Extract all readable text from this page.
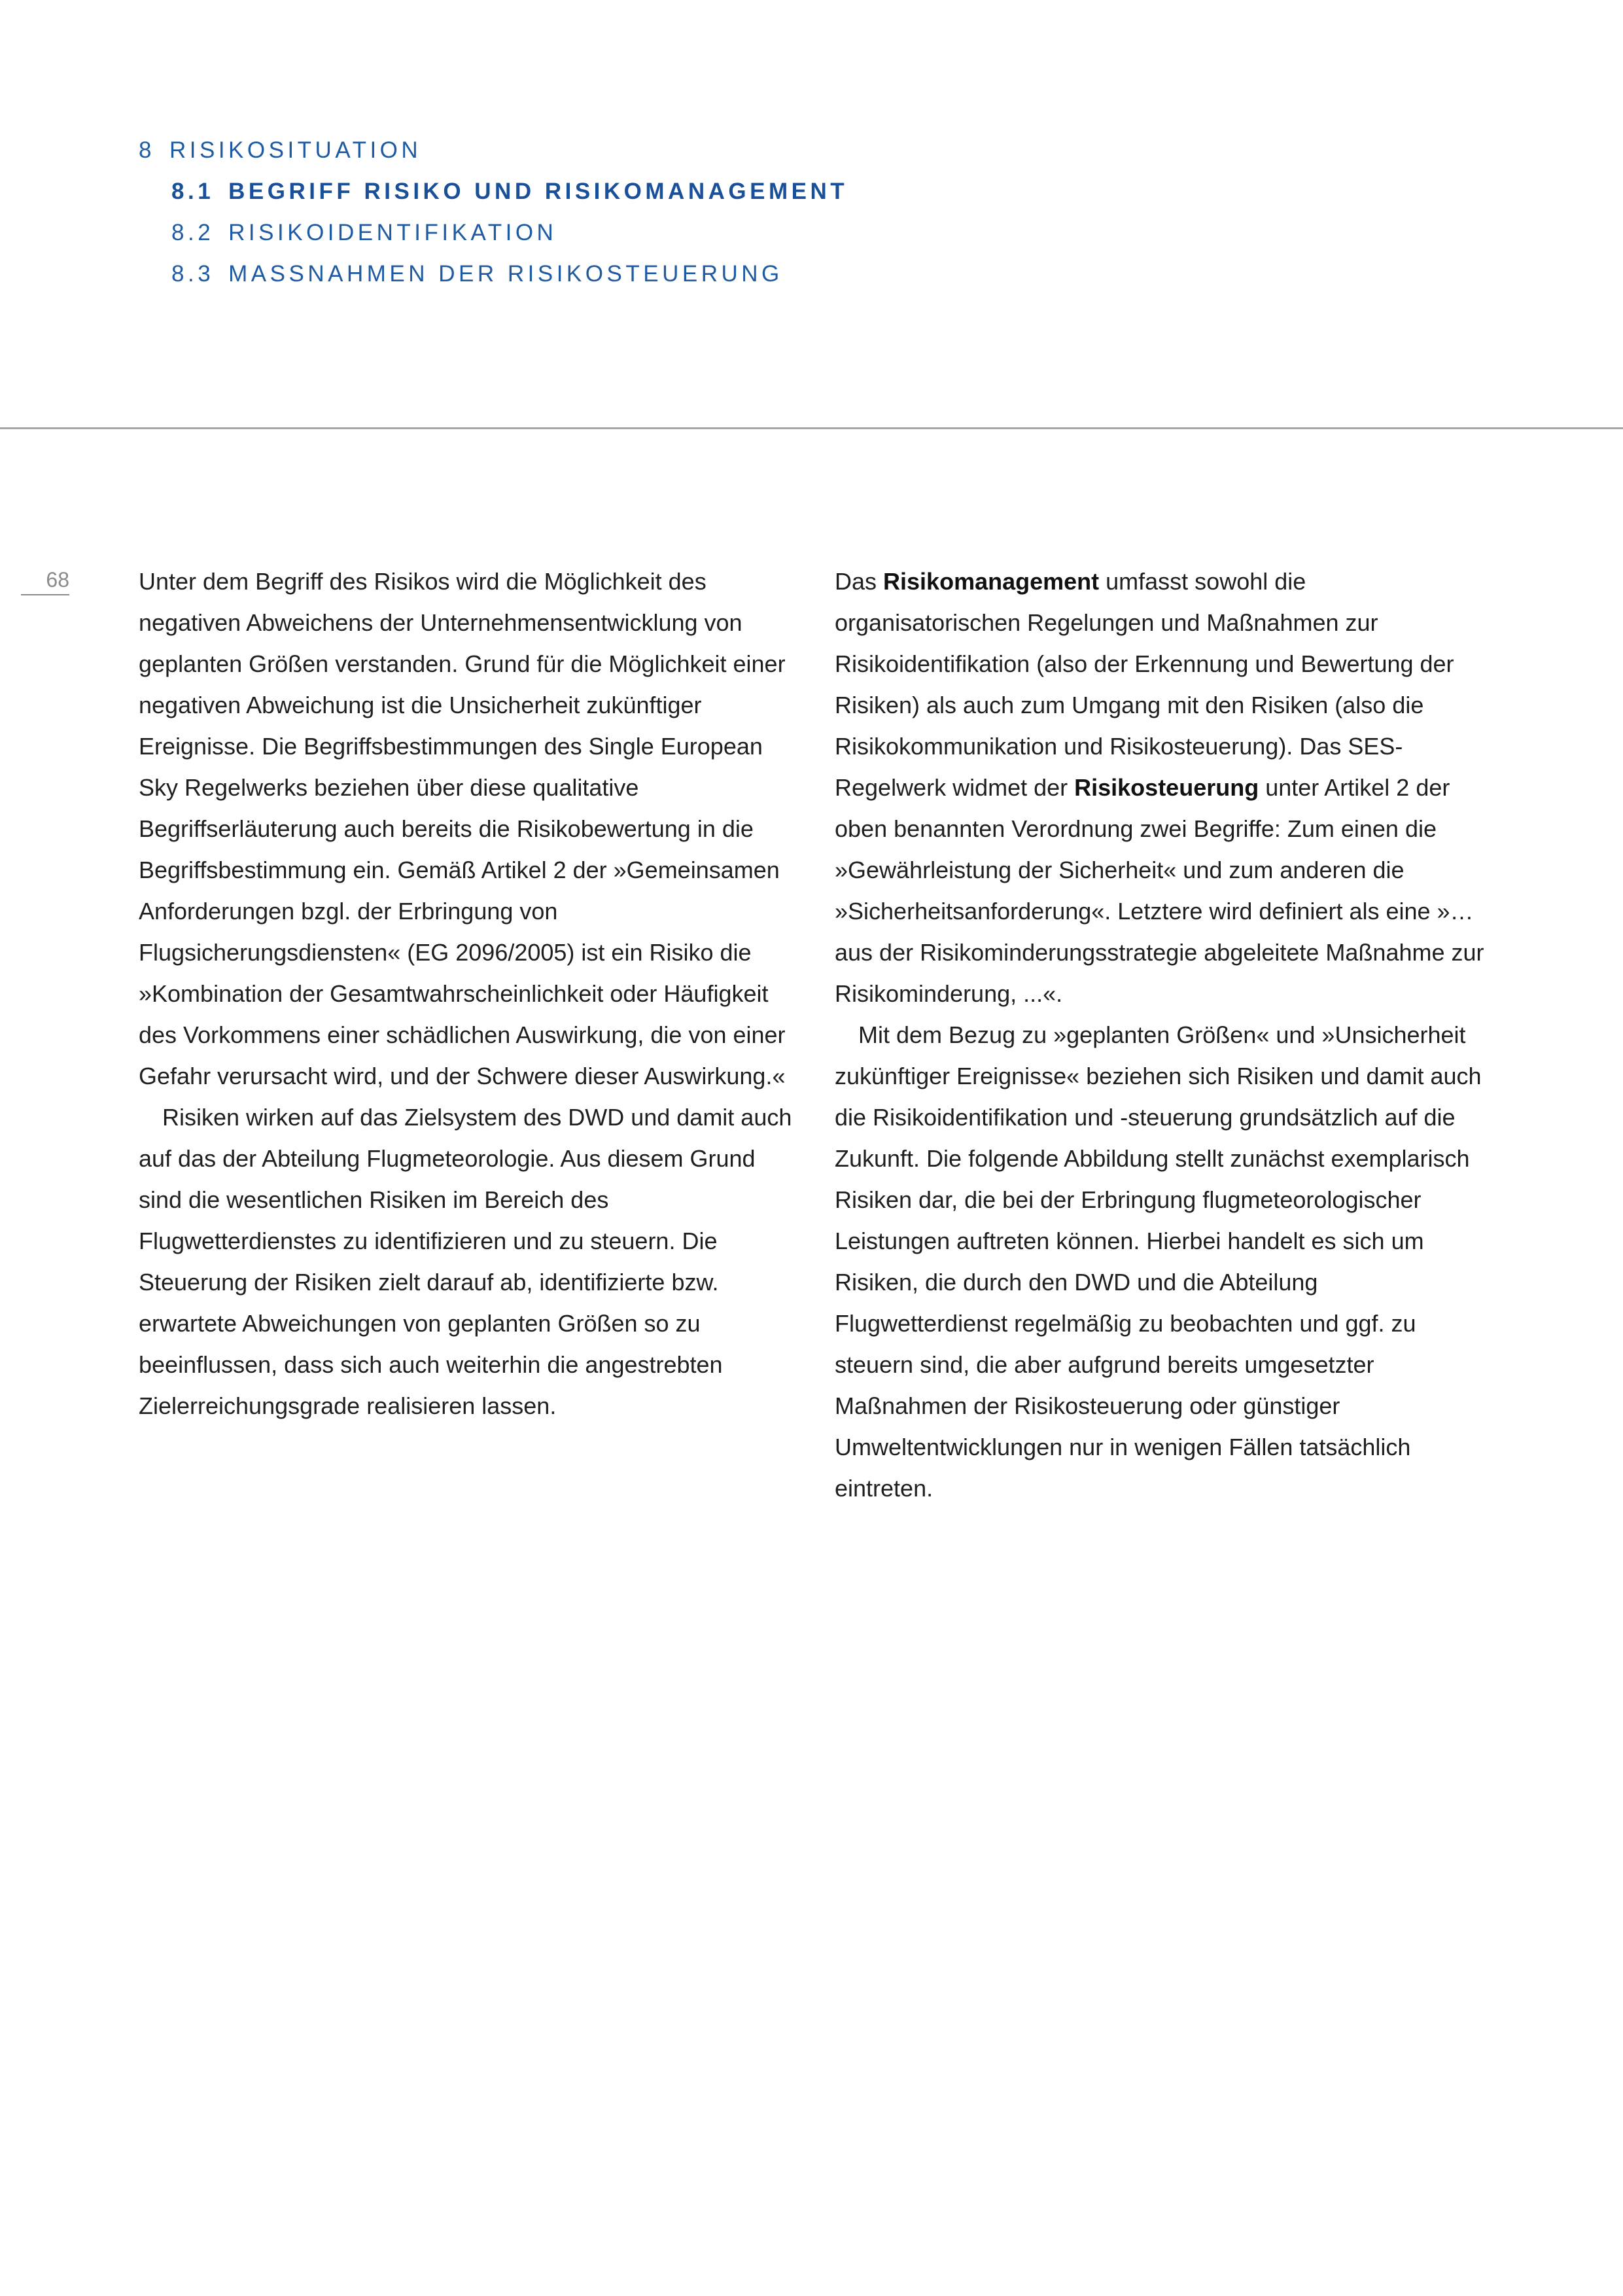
8 RISIKOSITUATION
8.1 BEGRIFF RISIKO UND RISIKOMANAGEMENT
8.2 RISIKOIDENTIFIKATION
8.3 MASSNAHMEN DER RISIKOSTEUERUNG
68	Unter dem Begriff des Risikos wird die Möglichkeit des negativen Abweichens der Unternehmensentwicklung von geplanten Größen verstanden. Grund für die Möglichkeit einer negativen Abweichung ist die Unsicherheit zukünftiger Ereignisse. Die Begriffsbestimmungen des Single European Sky Regelwerks beziehen über diese qualitative Begriffserläuterung auch bereits die Risikobewertung in die Begriffsbestimmung ein. Gemäß Artikel 2 der »Gemeinsamen Anforderungen bzgl. der Erbringung von Flugsicherungsdiensten« (EG 2096/2005) ist ein Risiko die »Kombination der Gesamtwahrscheinlichkeit oder Häufigkeit des Vorkommens einer schädlichen Auswirkung, die von einer Gefahr verursacht wird, und der Schwere dieser Auswirkung.«

Risiken wirken auf das Zielsystem des DWD und damit auch auf das der Abteilung Flugmeteorologie. Aus diesem Grund sind die wesentlichen Risiken im Bereich des Flugwetterdienstes zu identifizieren und zu steuern. Die Steuerung der Risiken zielt darauf ab, identifizierte bzw. erwartete Abweichungen von geplanten Größen so zu beeinflussen, dass sich auch weiterhin die angestrebten Zielerreichungsgrade realisieren lassen.

Das Risikomanagement umfasst sowohl die organisatorischen Regelungen und Maßnahmen zur Risikoidentifikation (also der Erkennung und Bewertung der Risiken) als auch zum Umgang mit den Risiken (also die Risikokommunikation und Risikosteuerung). Das SES-Regelwerk widmet der Risikosteuerung unter Artikel 2 der oben benannten Verordnung zwei Begriffe: Zum einen die »Gewährleistung der Sicherheit« und zum anderen die »Sicherheitsanforderung«. Letztere wird definiert als eine »…aus der Risikominderungsstrategie abgeleitete Maßnahme zur Risikominderung, ...«.

Mit dem Bezug zu »geplanten Größen« und »Unsicherheit zukünftiger Ereignisse« beziehen sich Risiken und damit auch die Risikoidentifikation und -steuerung grundsätzlich auf die Zukunft. Die folgende Abbildung stellt zunächst exemplarisch Risiken dar, die bei der Erbringung flugmeteorologischer Leistungen auftreten können. Hierbei handelt es sich um Risiken, die durch den DWD und die Abteilung Flugwetterdienst regelmäßig zu beobachten und ggf. zu steuern sind, die aber aufgrund bereits umgesetzter Maßnahmen der Risikosteuerung oder günstiger Umweltentwicklungen nur in wenigen Fällen tatsächlich eintreten.
